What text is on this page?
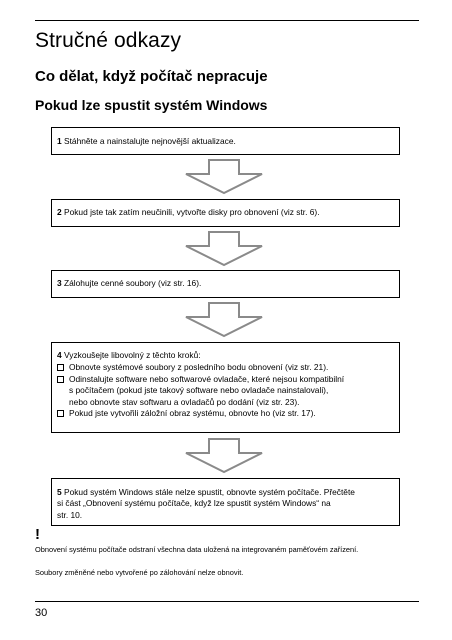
Stručné odkazy
Co dělat, když počítač nepracuje
Pokud lze spustit systém Windows
1 Stáhněte a nainstalujte nejnovější aktualizace.
2 Pokud jste tak zatím neučinili, vytvořte disky pro obnovení (viz str. 6).
3 Zálohujte cenné soubory (viz str. 16).
4 Vyzkoušejte libovolný z těchto kroků:
Obnovte systémové soubory z posledního bodu obnovení (viz str. 21).
Odinstalujte software nebo softwarové ovladače, které nejsou kompatibilní
s počítačem (pokud jste takový software nebo ovladače nainstalovali),
nebo obnovte stav softwaru a ovladačů po dodání (viz str. 23).
Pokud jste vytvořili záložní obraz systému, obnovte ho (viz str. 17).
5 Pokud systém Windows stále nelze spustit, obnovte systém počítače. Přečtěte
si část „Obnovení systému počítače, když lze spustit systém Windows“ na
str. 10.
!

Obnovení systému počítače odstraní všechna data uložená na integrovaném paměťovém zařízení.

Soubory změněné nebo vytvořené po zálohování nelze obnovit.

30
